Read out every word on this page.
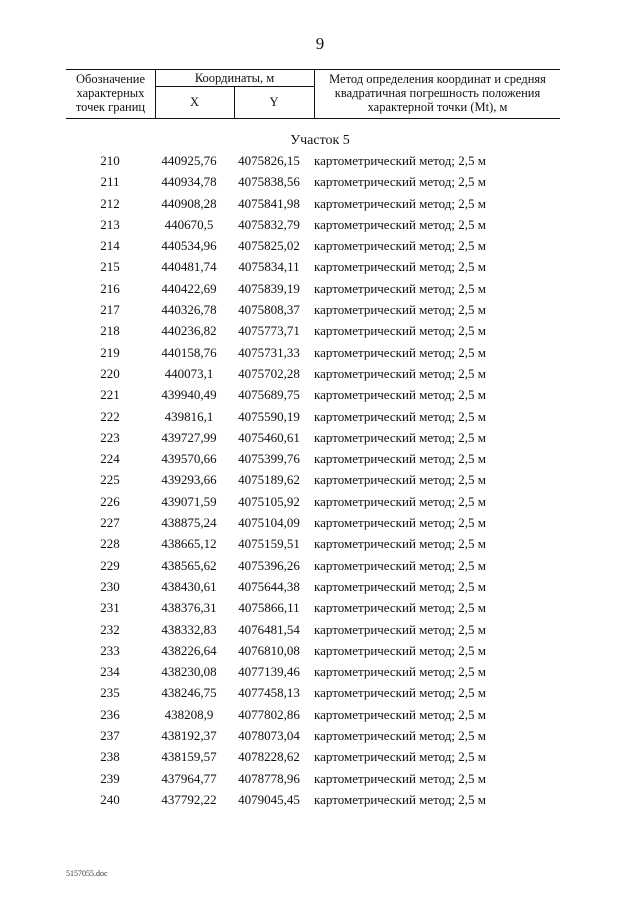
9
Обозначение
характерных
точек границ
Координаты, м
X	Y
Метод определения координат и средняя
квадратичная погрешность положения
характерной точки (Mt), м
Участок 5
210	440925,76	4075826,15	картометрический метод; 2,5 м
211	440934,78	4075838,56	картометрический метод; 2,5 м
212	440908,28	4075841,98	картометрический метод; 2,5 м
213	440670,5	4075832,79	картометрический метод; 2,5 м
214	440534,96	4075825,02	картометрический метод; 2,5 м
215	440481,74	4075834,11	картометрический метод; 2,5 м
216	440422,69	4075839,19	картометрический метод; 2,5 м
217	440326,78	4075808,37	картометрический метод; 2,5 м
218	440236,82	4075773,71	картометрический метод; 2,5 м
219	440158,76	4075731,33	картометрический метод; 2,5 м
220	440073,1	4075702,28	картометрический метод; 2,5 м
221	439940,49	4075689,75	картометрический метод; 2,5 м
222	439816,1	4075590,19	картометрический метод; 2,5 м
223	439727,99	4075460,61	картометрический метод; 2,5 м
224	439570,66	4075399,76	картометрический метод; 2,5 м
225	439293,66	4075189,62	картометрический метод; 2,5 м
226	439071,59	4075105,92	картометрический метод; 2,5 м
227	438875,24	4075104,09	картометрический метод; 2,5 м
228	438665,12	4075159,51	картометрический метод; 2,5 м
229	438565,62	4075396,26	картометрический метод; 2,5 м
230	438430,61	4075644,38	картометрический метод; 2,5 м
231	438376,31	4075866,11	картометрический метод; 2,5 м
232	438332,83	4076481,54	картометрический метод; 2,5 м
233	438226,64	4076810,08	картометрический метод; 2,5 м
234	438230,08	4077139,46	картометрический метод; 2,5 м
235	438246,75	4077458,13	картометрический метод; 2,5 м
236	438208,9	4077802,86	картометрический метод; 2,5 м
237	438192,37	4078073,04	картометрический метод; 2,5 м
238	438159,57	4078228,62	картометрический метод; 2,5 м
239	437964,77	4078778,96	картометрический метод; 2,5 м
240	437792,22	4079045,45	картометрический метод; 2,5 м
5157055.doc
